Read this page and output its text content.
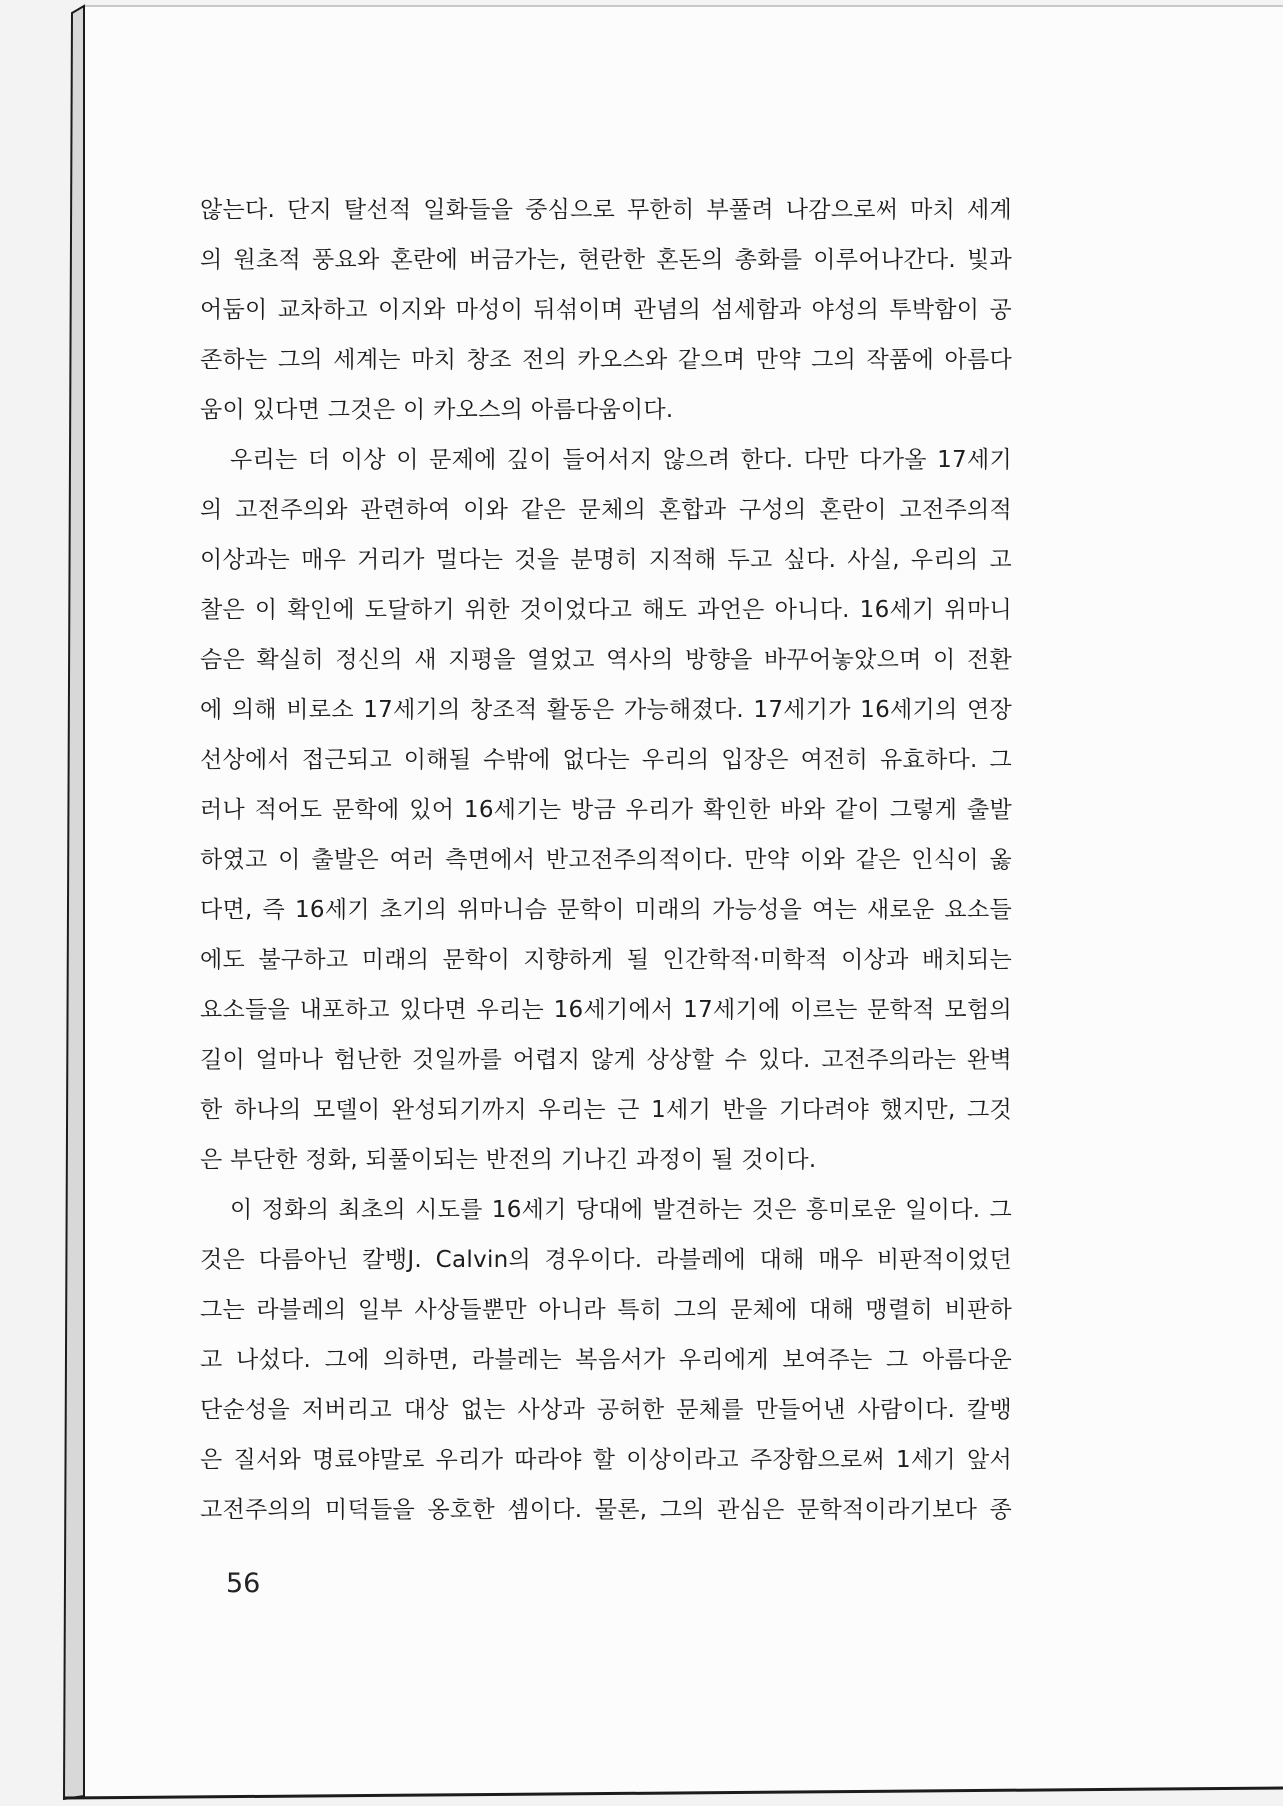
않는다. 단지 탈선적 일화들을 중심으로 무한히 부풀려 나감으로써 마치 세계
의 원초적 풍요와 혼란에 버금가는, 현란한 혼돈의 총화를 이루어나간다. 빛과
어둠이 교차하고 이지와 마성이 뒤섞이며 관념의 섬세함과 야성의 투박함이 공
존하는 그의 세계는 마치 창조 전의 카오스와 같으며 만약 그의 작품에 아름다
움이 있다면 그것은 이 카오스의 아름다움이다.
우리는 더 이상 이 문제에 깊이 들어서지 않으려 한다. 다만 다가올 17세기
의 고전주의와 관련하여 이와 같은 문체의 혼합과 구성의 혼란이 고전주의적
이상과는 매우 거리가 멀다는 것을 분명히 지적해 두고 싶다. 사실, 우리의 고
찰은 이 확인에 도달하기 위한 것이었다고 해도 과언은 아니다. 16세기 위마니
슴은 확실히 정신의 새 지평을 열었고 역사의 방향을 바꾸어놓았으며 이 전환
에 의해 비로소 17세기의 창조적 활동은 가능해졌다. 17세기가 16세기의 연장
선상에서 접근되고 이해될 수밖에 없다는 우리의 입장은 여전히 유효하다. 그
러나 적어도 문학에 있어 16세기는 방금 우리가 확인한 바와 같이 그렇게 출발
하였고 이 출발은 여러 측면에서 반고전주의적이다. 만약 이와 같은 인식이 옳
다면, 즉 16세기 초기의 위마니슴 문학이 미래의 가능성을 여는 새로운 요소들
에도 불구하고 미래의 문학이 지향하게 될 인간학적·미학적 이상과 배치되는
요소들을 내포하고 있다면 우리는 16세기에서 17세기에 이르는 문학적 모험의
길이 얼마나 험난한 것일까를 어렵지 않게 상상할 수 있다. 고전주의라는 완벽
한 하나의 모델이 완성되기까지 우리는 근 1세기 반을 기다려야 했지만, 그것
은 부단한 정화, 되풀이되는 반전의 기나긴 과정이 될 것이다.
이 정화의 최초의 시도를 16세기 당대에 발견하는 것은 흥미로운 일이다. 그
것은 다름아닌 칼뱅J. Calvin의 경우이다. 라블레에 대해 매우 비판적이었던
그는 라블레의 일부 사상들뿐만 아니라 특히 그의 문체에 대해 맹렬히 비판하
고 나섰다. 그에 의하면, 라블레는 복음서가 우리에게 보여주는 그 아름다운
단순성을 저버리고 대상 없는 사상과 공허한 문체를 만들어낸 사람이다. 칼뱅
은 질서와 명료야말로 우리가 따라야 할 이상이라고 주장함으로써 1세기 앞서
고전주의의 미덕들을 옹호한 셈이다. 물론, 그의 관심은 문학적이라기보다 종
56
